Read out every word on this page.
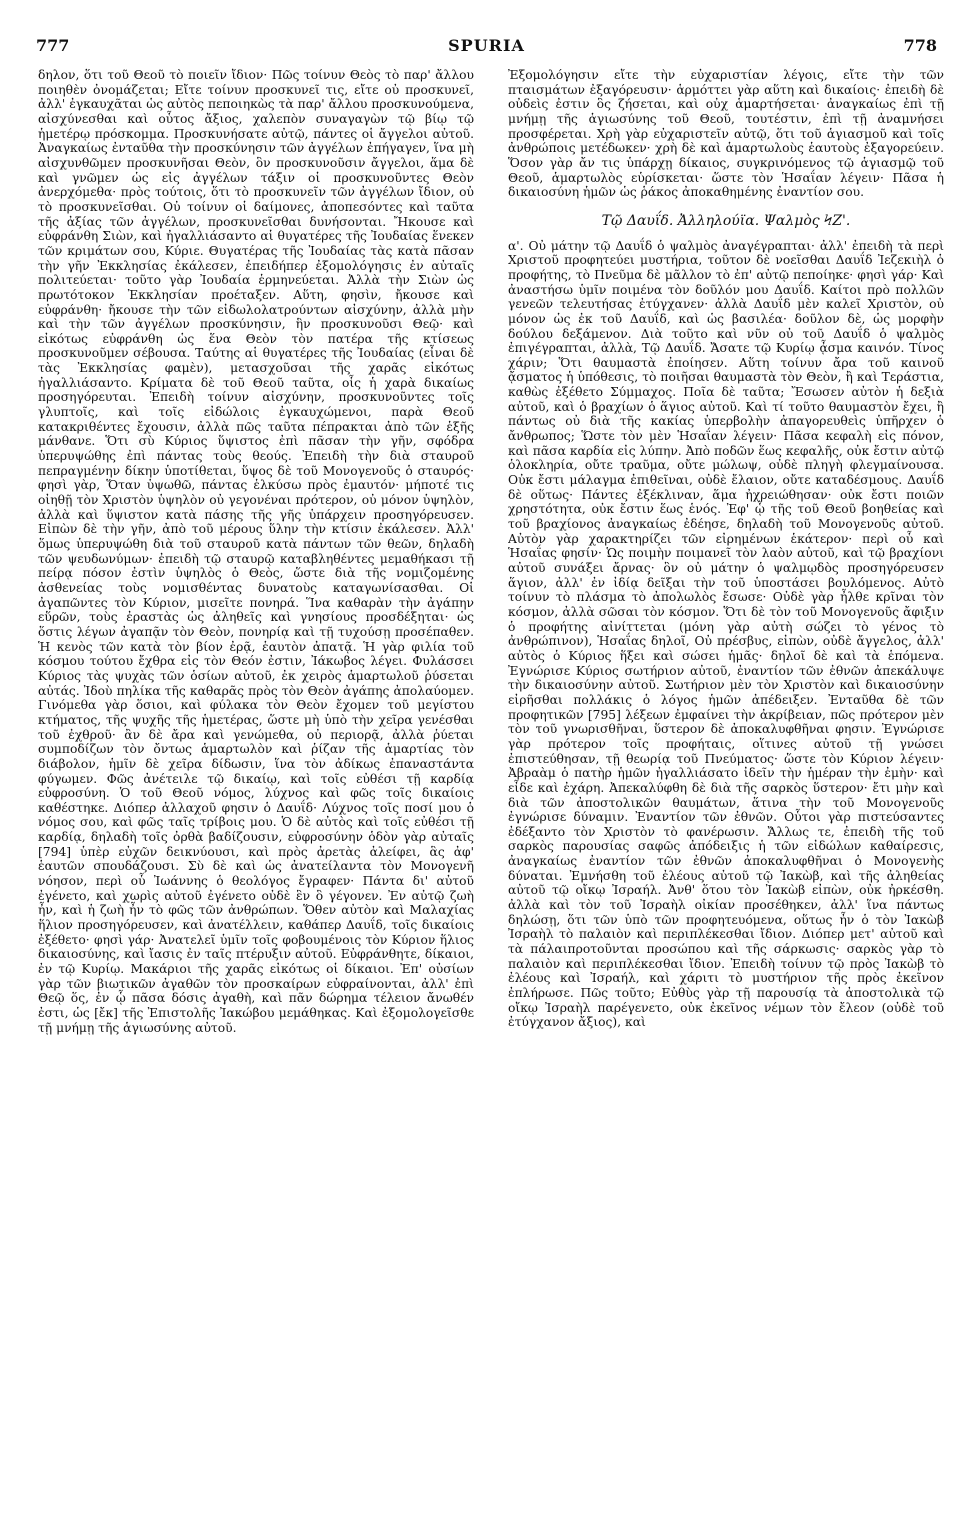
777	SPURIA	778

δηλον, ὅτι τοῦ Θεοῦ τὸ ποιεῖν ἴδιον· Πῶς τοίνυν Θεὸς τὸ παρ' ἄλλου ποιηθὲν ὀνομάζεται; Εἴτε τοίνυν προσκυνεῖ τις, εἴτε οὐ προσκυνεῖ, ἀλλ' ἐγκαυχᾶται ὡς αὐτὸς πεποιηκὼς τὰ παρ' ἄλλου προσκυνούμενα, αἰσχύνεσθαι καὶ οὗτος ἄξιος, χαλεπὸν συναγαγὼν τῷ βίῳ τῷ ἡμετέρῳ πρόσκομμα. Προσκυνήσατε αὐτῷ, πάντες οἱ ἄγγελοι αὐτοῦ. Ἀναγκαίως ἐνταῦθα τὴν προσκύνησιν τῶν ἀγγέλων ἐπήγαγεν, ἵνα μὴ αἰσχυνθῶμεν προσκυνῆσαι Θεὸν, ὃν προσκυνοῦσιν ἄγγελοι, ἅμα δὲ καὶ γνῶμεν ὡς εἰς ἀγγέλων τάξιν οἱ προσκυνοῦντες Θεὸν ἀνερχόμεθα· πρὸς τούτοις, ὅτι τὸ προσκυνεῖν τῶν ἀγγέλων ἴδιον, οὐ τὸ προσκυνεῖσθαι. Οὐ τοίνυν οἱ δαίμονες, ἀποπεσόντες καὶ ταῦτα τῆς ἀξίας τῶν ἀγγέλων, προσκυνεῖσθαι δυνήσονται. Ἤκουσε καὶ εὐφράνθη Σιὼν, καὶ ἠγαλλιάσαντο αἱ θυγατέρες τῆς Ἰουδαίας ἕνεκεν τῶν κριμάτων σου, Κύριε. Θυγατέρας τῆς Ἰουδαίας τὰς κατὰ πᾶσαν τὴν γῆν Ἐκκλησίας ἐκάλεσεν, ἐπειδήπερ ἐξομολόγησις ἐν αὐταῖς πολιτεύεται· τοῦτο γὰρ Ἰουδαία ἑρμηνεύεται. Ἀλλὰ τὴν Σιὼν ὡς πρωτότοκον Ἐκκλησίαν προέταξεν. Αὕτη, φησὶν, ἤκουσε καὶ εὐφράνθη· ἤκουσε τὴν τῶν εἰδωλολατρούντων αἰσχύνην, ἀλλὰ μὴν καὶ τὴν τῶν ἀγγέλων προσκύνησιν, ἣν προσκυνοῦσι Θεῷ· καὶ εἰκότως εὐφράνθη ὡς ἕνα Θεὸν τὸν πατέρα τῆς κτίσεως προσκυνοῦμεν σέβουσα. Ταύτης αἱ θυγατέρες τῆς Ἰουδαίας (εἶναι δὲ τὰς Ἐκκλησίας φαμὲν), μετασχοῦσαι τῆς χαρᾶς εἰκότως ἠγαλλιάσαντο. Κρίματα δὲ τοῦ Θεοῦ ταῦτα, οἷς ἡ χαρὰ δικαίως προσηγόρευται. Ἐπειδὴ τοίνυν αἰσχύνην, προσκυνοῦντες τοῖς γλυπτοῖς, καὶ τοῖς εἰδώλοις ἐγκαυχώμενοι, παρὰ Θεοῦ κατακριθέντες ἔχουσιν, ἀλλὰ πῶς ταῦτα πέπρακται ἀπὸ τῶν ἑξῆς μάνθανε. Ὅτι σὺ Κύριος ὕψιστος ἐπὶ πᾶσαν τὴν γῆν, σφόδρα ὑπερυψώθης ἐπὶ πάντας τοὺς θεούς. Ἐπειδὴ τὴν διὰ σταυροῦ πεπραγμένην δίκην ὑποτίθεται, ὕψος δὲ τοῦ Μονογενοῦς ὁ σταυρός· φησὶ γὰρ, Ὅταν ὑψωθῶ, πάντας ἑλκύσω πρὸς ἐμαυτόν· μήποτέ τις οἰηθῇ τὸν Χριστὸν ὑψηλὸν οὐ γεγονέναι πρότερον, οὐ μόνον ὑψηλὸν, ἀλλὰ καὶ ὕψιστον κατὰ πάσης τῆς γῆς ὑπάρχειν προσηγόρευσεν. Εἰπὼν δὲ τὴν γῆν, ἀπὸ τοῦ μέρους ὕλην τὴν κτίσιν ἐκάλεσεν. Ἀλλ' ὅμως ὑπερυψώθη διὰ τοῦ σταυροῦ κατὰ πάντων τῶν θεῶν, δηλαδὴ τῶν ψευδωνύμων· ἐπειδὴ τῷ σταυρῷ καταβληθέντες μεμαθήκασι τῇ πείρᾳ πόσον ἐστὶν ὑψηλὸς ὁ Θεὸς, ὥστε διὰ τῆς νομιζομένης ἀσθενείας τοὺς νομισθέντας δυνατοὺς καταγωνίσασθαι. Οἱ ἀγαπῶντες τὸν Κύριον, μισεῖτε πονηρά. Ἵνα καθαρὰν τὴν ἀγάπην εὕρῶν, τοὺς ἐραστὰς ὡς ἀληθεῖς καὶ γνησίους προσδέξηται· ὡς ὅστις λέγων ἀγαπᾷν τὸν Θεὸν, πονηρίᾳ καὶ τῇ τυχούσῃ προσέπαθεν. Ἡ κενὸς τῶν κατὰ τὸν βίον ἐρᾷ, ἑαυτὸν ἀπατᾷ. Ἡ γὰρ φιλία τοῦ κόσμου τούτου ἔχθρα εἰς τὸν Θεόν ἐστιν, Ἰάκωβος λέγει. Φυλάσσει Κύριος τὰς ψυχὰς τῶν ὁσίων αὐτοῦ, ἐκ χειρὸς ἁμαρτωλοῦ ῥύσεται αὐτάς. Ἰδοὺ πηλίκα τῆς καθαρᾶς πρὸς τὸν Θεὸν ἀγάπης ἀπολαύομεν. Γινόμεθα γὰρ ὅσιοι, καὶ φύλακα τὸν Θεὸν ἔχομεν τοῦ μεγίστου κτήματος, τῆς ψυχῆς τῆς ἡμετέρας, ὥστε μὴ ὑπὸ τὴν χεῖρα γενέσθαι τοῦ ἐχθροῦ· ἂν δὲ ἄρα καὶ γενώμεθα, οὐ περιορᾷ, ἀλλὰ ῥύεται συμποδίζων τὸν ὄντως ἁμαρτωλὸν καὶ ῥίζαν τῆς ἁμαρτίας τὸν διάβολον, ἡμῖν δὲ χεῖρα δίδωσιν, ἵνα τὸν ἀδίκως ἐπαναστάντα φύγωμεν. Φῶς ἀνέτειλε τῷ δικαίῳ, καὶ τοῖς εὐθέσι τῇ καρδίᾳ εὐφροσύνη. Ὁ τοῦ Θεοῦ νόμος, λύχνος καὶ φῶς τοῖς δικαίοις καθέστηκε. Διόπερ ἀλλαχοῦ φησιν ὁ Δαυΐδ· Λύχνος τοῖς ποσί μου ὁ νόμος σου, καὶ φῶς ταῖς τρίβοις μου. Ὁ δὲ αὐτὸς καὶ τοῖς εὐθέσι τῇ καρδίᾳ, δηλαδὴ τοῖς ὀρθὰ βαδίζουσιν, εὐφροσύνην ὁδὸν γὰρ αὐταῖς [794] ὑπὲρ εὐχῶν δεικνύουσι, καὶ πρὸς ἀρετὰς ἀλείφει, ἃς ἀφ' ἑαυτῶν σπουδάζουσι. Σὺ δὲ καὶ ὡς ἀνατείλαντα τὸν Μονογενῆ νόησον, περὶ οὗ Ἰωάννης ὁ θεολόγος ἔγραφεν· Πάντα δι' αὐτοῦ ἐγένετο, καὶ χωρὶς αὐτοῦ ἐγένετο οὐδὲ ἓν ὃ γέγονεν. Ἐν αὐτῷ ζωὴ ἦν, καὶ ἡ ζωὴ ἦν τὸ φῶς τῶν ἀνθρώπων. Ὅθεν αὐτὸν καὶ Μαλαχίας ἥλιον προσηγόρευσεν, καὶ ἀνατέλλειν, καθάπερ Δαυΐδ, τοῖς δικαίοις ἐξέθετο· φησὶ γάρ· Ἀνατελεῖ ὑμῖν τοῖς φοβουμένοις τὸν Κύριον ἥλιος δικαιοσύνης, καὶ ἴασις ἐν ταῖς πτέρυξιν αὐτοῦ. Εὐφράνθητε, δίκαιοι, ἐν τῷ Κυρίῳ. Μακάριοι τῆς χαρᾶς εἰκότως οἱ δίκαιοι. Ἐπ' οὐσίων γὰρ τῶν βιωτικῶν ἀγαθῶν τὸν προσκαίρων εὐφραίνονται, ἀλλ' ἐπὶ Θεῷ ὅς, ἐν ᾧ πᾶσα δόσις ἀγαθὴ, καὶ πᾶν δώρημα τέλειον ἄνωθέν ἐστι, ὡς [ἔκ] τῆς Ἐπιστολῆς Ἰακώβου μεμάθηκας. Καὶ ἐξομολογεῖσθε τῇ μνήμῃ τῆς ἁγιωσύνης αὐτοῦ.

Ἐξομολόγησιν εἴτε τὴν εὐχαριστίαν λέγοις, εἴτε τὴν τῶν πταισμάτων ἐξαγόρευσιν· ἁρμόττει γὰρ αὕτη καὶ δικαίοις· ἐπειδὴ δὲ οὐδεὶς ἐστιν ὃς ζήσεται, καὶ οὐχ ἁμαρτήσεται· ἀναγκαίως ἐπὶ τῇ μνήμῃ τῆς ἁγιωσύνης τοῦ Θεοῦ, τουτέστιν, ἐπὶ τῇ ἀναμνήσει προσφέρεται. Χρὴ γὰρ εὐχαριστεῖν αὐτῷ, ὅτι τοῦ ἁγιασμοῦ καὶ τοῖς ἀνθρώποις μετέδωκεν· χρὴ δὲ καὶ ἁμαρτωλοὺς ἑαυτοὺς ἐξαγορεύειν. Ὅσον γὰρ ἄν τις ὑπάρχῃ δίκαιος, συγκρινόμενος τῷ ἁγιασμῷ τοῦ Θεοῦ, ἁμαρτωλὸς εὑρίσκεται· ὥστε τὸν Ἡσαΐαν λέγειν· Πᾶσα ἡ δικαιοσύνη ἡμῶν ὡς ῥάκος ἀποκαθημένης ἐναντίον σου.

Τῷ Δαυΐδ. Ἀλληλούϊα. Ψαλμὸς ϞΖ'.

α'. Οὐ μάτην τῷ Δαυΐδ ὁ ψαλμὸς ἀναγέγραπται· ἀλλ' ἐπειδὴ τὰ περὶ Χριστοῦ προφητεύει μυστήρια, τοῦτον δὲ νοεῖσθαι Δαυΐδ Ἰεζεκιὴλ ὁ προφήτης, τὸ Πνεῦμα δὲ μᾶλλον τὸ ἐπ' αὐτῷ πεποίηκε· φησὶ γάρ· Καὶ ἀναστήσω ὑμῖν ποιμένα τὸν δοῦλόν μου Δαυΐδ. Καίτοι πρὸ πολλῶν γενεῶν τελευτήσας ἐτύγχανεν· ἀλλὰ Δαυΐδ μὲν καλεῖ Χριστὸν, οὐ μόνον ὡς ἐκ τοῦ Δαυΐδ, καὶ ὡς βασιλέα· δοῦλον δὲ, ὡς μορφὴν δούλου δεξάμενον. Διὰ τοῦτο καὶ νῦν οὐ τοῦ Δαυΐδ ὁ ψαλμὸς ἐπιγέγραπται, ἀλλὰ, Τῷ Δαυΐδ. Ἄσατε τῷ Κυρίῳ ᾆσμα καινόν. Τίνος χάριν; Ὅτι θαυμαστὰ ἐποίησεν. Αὕτη τοίνυν ἄρα τοῦ καινοῦ ᾄσματος ἡ ὑπόθεσις, τὸ ποιῆσαι θαυμαστὰ τὸν Θεὸν, ἢ καὶ Τεράστια, καθὼς ἐξέθετο Σύμμαχος. Ποῖα δὲ ταῦτα; Ἔσωσεν αὐτὸν ἡ δεξιὰ αὐτοῦ, καὶ ὁ βραχίων ὁ ἅγιος αὐτοῦ. Καὶ τί τοῦτο θαυμαστὸν ἔχει, ἢ πάντως οὐ διὰ τῆς κακίας ὑπερβολὴν ἀπαγορευθεὶς ὑπῆρχεν ὁ ἄνθρωπος; Ὥστε τὸν μὲν Ἡσαΐαν λέγειν· Πᾶσα κεφαλὴ εἰς πόνον, καὶ πᾶσα καρδία εἰς λύπην. Ἀπὸ ποδῶν ἕως κεφαλῆς, οὐκ ἔστιν αὐτῷ ὁλοκληρία, οὔτε τραῦμα, οὔτε μώλωψ, οὐδὲ πληγὴ φλεγμαίνουσα. Οὐκ ἔστι μάλαγμα ἐπιθεῖναι, οὐδὲ ἔλαιον, οὔτε καταδέσμους. Δαυΐδ δὲ οὕτως· Πάντες ἐξέκλιναν, ἅμα ἠχρειώθησαν· οὐκ ἔστι ποιῶν χρηστότητα, οὐκ ἔστιν ἕως ἑνός. Ἐφ' ᾧ τῆς τοῦ Θεοῦ βοηθείας καὶ τοῦ βραχίονος ἀναγκαίως ἐδέησε, δηλαδὴ τοῦ Μονογενοῦς αὐτοῦ. Αὐτὸν γὰρ χαρακτηρίζει τῶν εἰρημένων ἑκάτερον· περὶ οὗ καὶ Ἡσαΐας φησίν· Ὡς ποιμὴν ποιμανεῖ τὸν λαὸν αὐτοῦ, καὶ τῷ βραχίονι αὐτοῦ συνάξει ἄρνας· ὃν οὐ μάτην ὁ ψαλμῳδὸς προσηγόρευσεν ἅγιον, ἀλλ' ἐν ἰδίᾳ δεῖξαι τὴν τοῦ ὑποστάσει βουλόμενος. Αὐτὸ τοίνυν τὸ πλάσμα τὸ ἀπολωλὸς ἔσωσε· Οὐδὲ γὰρ ἦλθε κρῖναι τὸν κόσμον, ἀλλὰ σῶσαι τὸν κόσμον. Ὅτι δὲ τὸν τοῦ Μονογενοῦς ἄφιξιν ὁ προφήτης αἰνίττεται (μόνη γὰρ αὐτὴ σώζει τὸ γένος τὸ ἀνθρώπινον), Ἡσαΐας δηλοῖ, Οὐ πρέσβυς, εἰπὼν, οὐδὲ ἄγγελος, ἀλλ' αὐτὸς ὁ Κύριος ἥξει καὶ σώσει ἡμᾶς· δηλοῖ δὲ καὶ τὰ ἑπόμενα. Ἐγνώρισε Κύριος σωτήριον αὐτοῦ, ἐναντίον τῶν ἐθνῶν ἀπεκάλυψε τὴν δικαιοσύνην αὐτοῦ. Σωτήριον μὲν τὸν Χριστὸν καὶ δικαιοσύνην εἰρῆσθαι πολλάκις ὁ λόγος ἡμῶν ἀπέδειξεν. Ἐνταῦθα δὲ τῶν προφητικῶν [795] λέξεων ἐμφαίνει τὴν ἀκρίβειαν, πῶς πρότερον μὲν τὸν τοῦ γνωρισθῆναι, ὕστερον δὲ ἀποκαλυφθῆναι φησιν. Ἐγνώρισε γὰρ πρότερον τοῖς προφήταις, οἵτινες αὐτοῦ τῇ γνώσει ἐπιστεύθησαν, τῇ θεωρίᾳ τοῦ Πνεύματος· ὥστε τὸν Κύριον λέγειν· Ἀβραὰμ ὁ πατὴρ ἡμῶν ἠγαλλιάσατο ἰδεῖν τὴν ἡμέραν τὴν ἐμὴν· καὶ εἶδε καὶ ἐχάρη. Ἀπεκαλύφθη δὲ διὰ τῆς σαρκὸς ὕστερον· ἔτι μὴν καὶ διὰ τῶν ἀποστολικῶν θαυμάτων, ἅτινα τὴν τοῦ Μονογενοῦς ἐγνώρισε δύναμιν. Ἐναντίον τῶν ἐθνῶν. Οὗτοι γὰρ πιστεύσαντες ἐδέξαντο τὸν Χριστὸν τὸ φανέρωσιν. Ἄλλως τε, ἐπειδὴ τῆς τοῦ σαρκὸς παρουσίας σαφῶς ἀπόδειξις ἡ τῶν εἰδώλων καθαίρεσις, ἀναγκαίως ἐναντίον τῶν ἐθνῶν ἀποκαλυφθῆναι ὁ Μονογενὴς δύναται. Ἐμνήσθη τοῦ ἐλέους αὐτοῦ τῷ Ἰακὼβ, καὶ τῆς ἀληθείας αὐτοῦ τῷ οἴκῳ Ἰσραήλ. Ἀνθ' ὅτου τὸν Ἰακὼβ εἰπὼν, οὐκ ἠρκέσθη. ἀλλὰ καὶ τὸν τοῦ Ἰσραὴλ οἰκίαν προσέθηκεν, ἀλλ' ἵνα πάντως δηλώσῃ, ὅτι τῶν ὑπὸ τῶν προφητευόμενα, οὕτως ἦν ὁ τὸν Ἰακὼβ Ἰσραὴλ τὸ παλαιὸν καὶ περιπλέκεσθαι ἴδιον. Διόπερ μετ' αὐτοῦ καὶ τὰ πάλαιπροτοῦνται προσώπου καὶ τῆς σάρκωσις· σαρκὸς γὰρ τὸ παλαιὸν καὶ περιπλέκεσθαι ἴδιον. Ἐπειδὴ τοίνυν τῷ πρὸς Ἰακὼβ τὸ ἐλέους καὶ Ἰσραήλ, καὶ χάριτι τὸ μυστήριον τῆς πρὸς ἐκεῖνον ἐπλήρωσε. Πῶς τοῦτο; Εὐθὺς γὰρ τῇ παρουσίᾳ τὰ ἀποστολικὰ τῷ οἴκῳ Ἰσραὴλ παρέγενετο, οὐκ ἐκεῖνος νέμων τὸν ἔλεον (οὐδὲ τοῦ ἐτύγχανον ἄξιος), καὶ
